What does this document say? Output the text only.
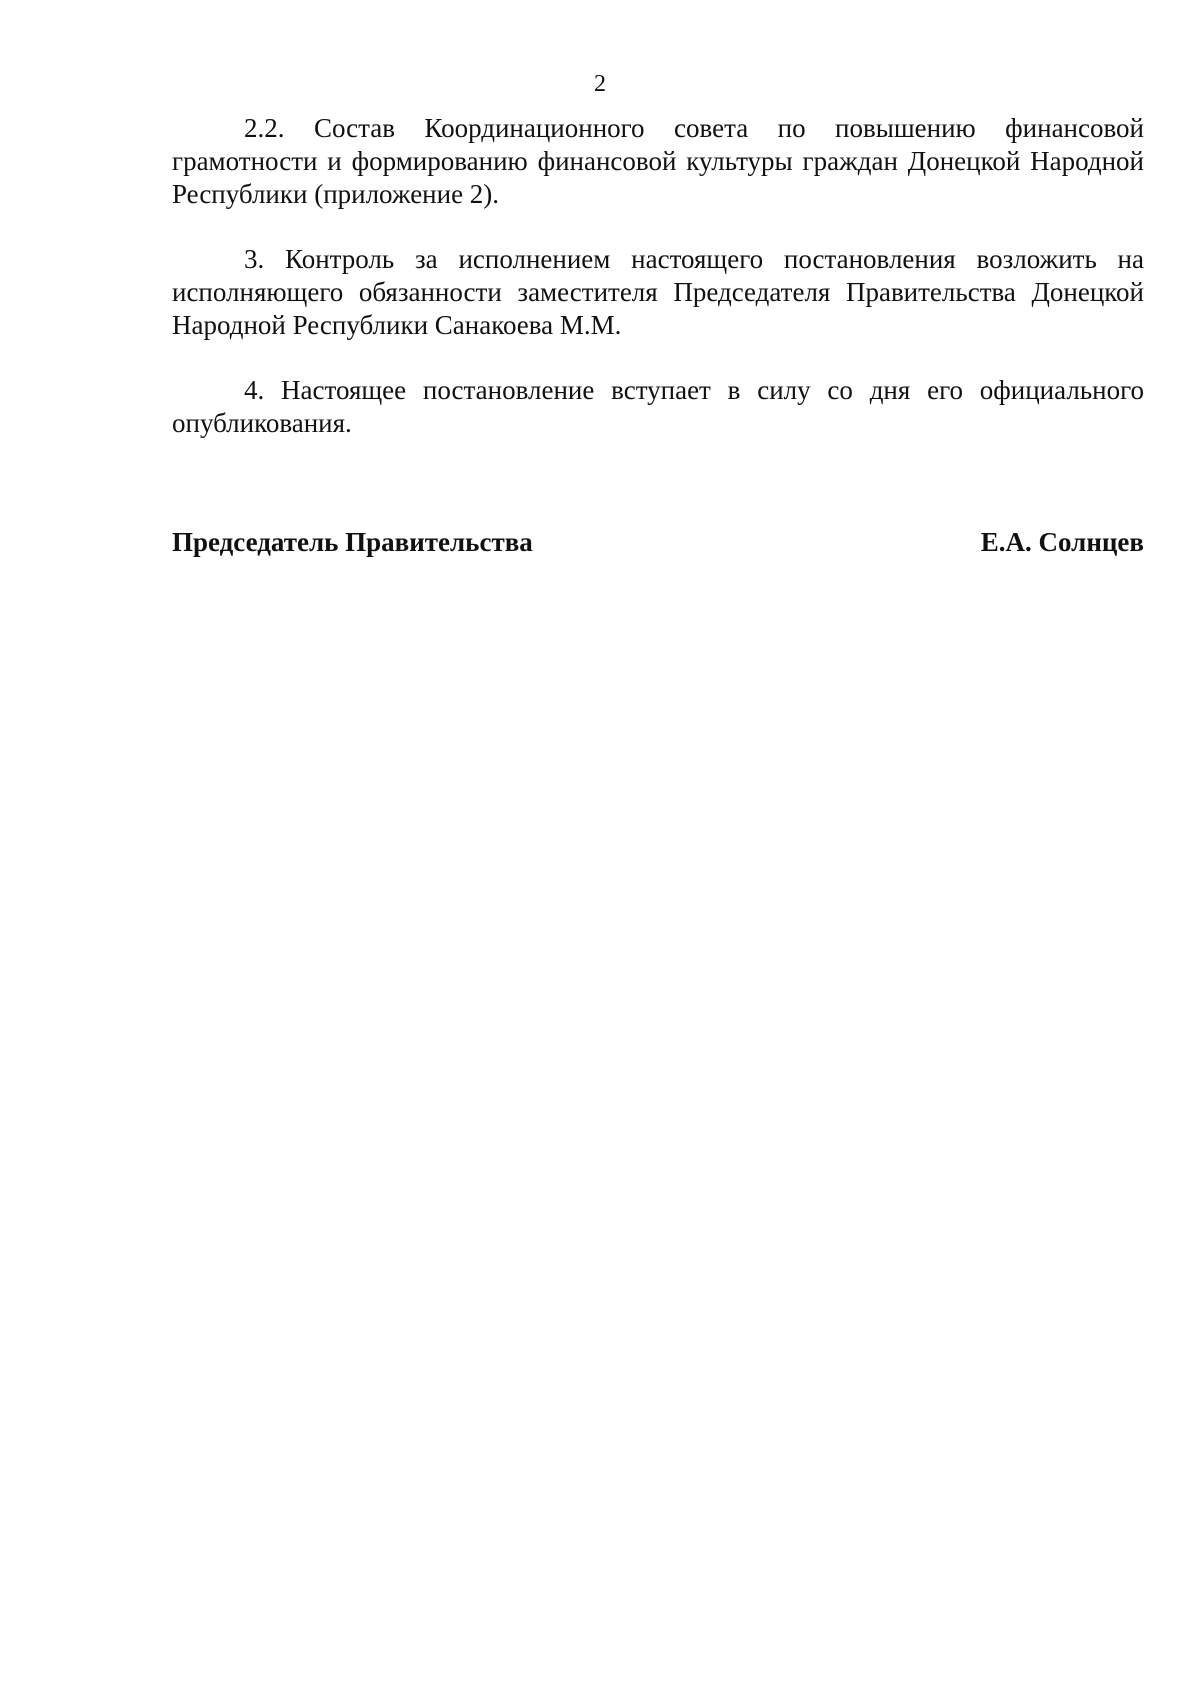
2

2.2. Состав Координационного совета по повышению финансовой грамотности и формированию финансовой культуры граждан Донецкой Народной Республики (приложение 2).

3. Контроль за исполнением настоящего постановления возложить на исполняющего обязанности заместителя Председателя Правительства Донецкой Народной Республики Санакоева М.М.

4. Настоящее постановление вступает в силу со дня его официального опубликования.

Председатель Правительства	Е.А. Солнцев
